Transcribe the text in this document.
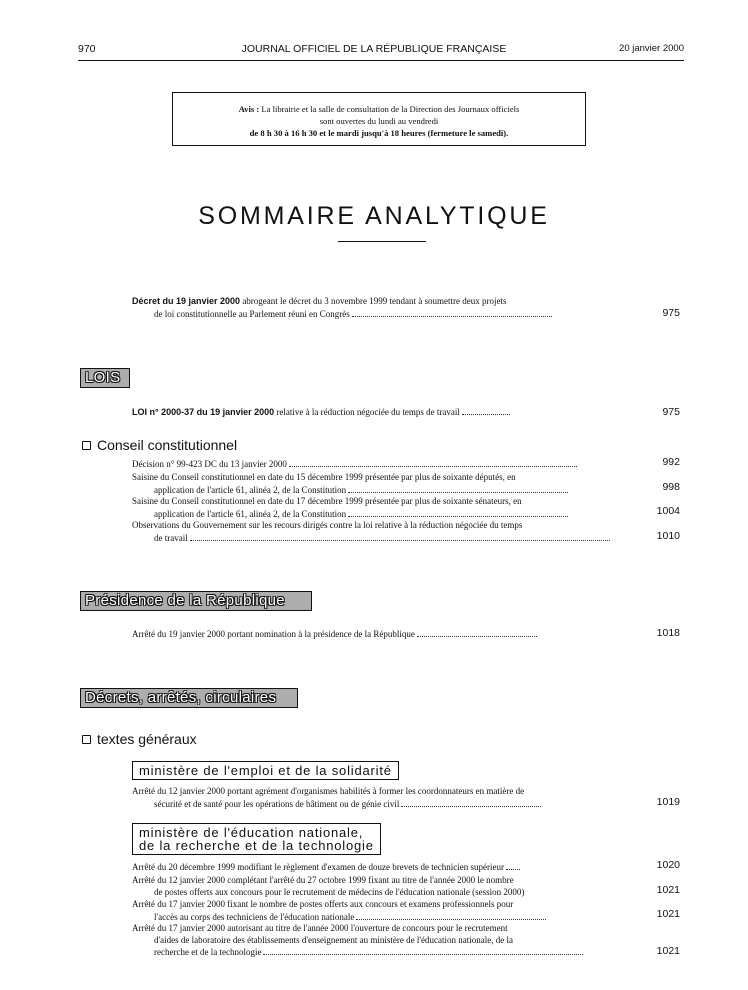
970	JOURNAL OFFICIEL DE LA RÉPUBLIQUE FRANÇAISE	20 janvier 2000
Avis : La librairie et la salle de consultation de la Direction des Journaux officiels
sont ouvertes du lundi au vendredi
de 8 h 30 à 16 h 30 et le mardi jusqu'à 18 heures (fermeture le samedi).
SOMMAIRE ANALYTIQUE
Décret du 19 janvier 2000 abrogeant le décret du 3 novembre 1999 tendant à soumettre deux projets
de loi constitutionnelle au Parlement réuni en Congrès	975
LOIS
LOI n° 2000-37 du 19 janvier 2000 relative à la réduction négociée du temps de travail	975
Conseil constitutionnel
Décision n° 99-423 DC du 13 janvier 2000	992
Saisine du Conseil constitutionnel en date du 15 décembre 1999 présentée par plus de soixante députés, en
application de l'article 61, alinéa 2, de la Constitution	998
Saisine du Conseil constitutionnel en date du 17 décembre 1999 présentée par plus de soixante sénateurs, en
application de l'article 61, alinéa 2, de la Constitution	1004
Observations du Gouvernement sur les recours dirigés contre la loi relative à la réduction négociée du temps
de travail	1010
Présidence de la République
Arrêté du 19 janvier 2000 portant nomination à la présidence de la République	1018
Décrets, arrêtés, circulaires
textes généraux
ministère de l'emploi et de la solidarité
Arrêté du 12 janvier 2000 portant agrément d'organismes habilités à former les coordonnateurs en matière de
sécurité et de santé pour les opérations de bâtiment ou de génie civil	1019
ministère de l'éducation nationale,
de la recherche et de la technologie
Arrêté du 20 décembre 1999 modifiant le règlement d'examen de douze brevets de technicien supérieur	1020
Arrêté du 12 janvier 2000 complétant l'arrêté du 27 octobre 1999 fixant au titre de l'année 2000 le nombre
de postes offerts aux concours pour le recrutement de médecins de l'éducation nationale (session 2000)	1021
Arrêté du 17 janvier 2000 fixant le nombre de postes offerts aux concours et examens professionnels pour
l'accès au corps des techniciens de l'éducation nationale	1021
Arrêté du 17 janvier 2000 autorisant au titre de l'année 2000 l'ouverture de concours pour le recrutement
d'aides de laboratoire des établissements d'enseignement au ministère de l'éducation nationale, de la
recherche et de la technologie	1021
